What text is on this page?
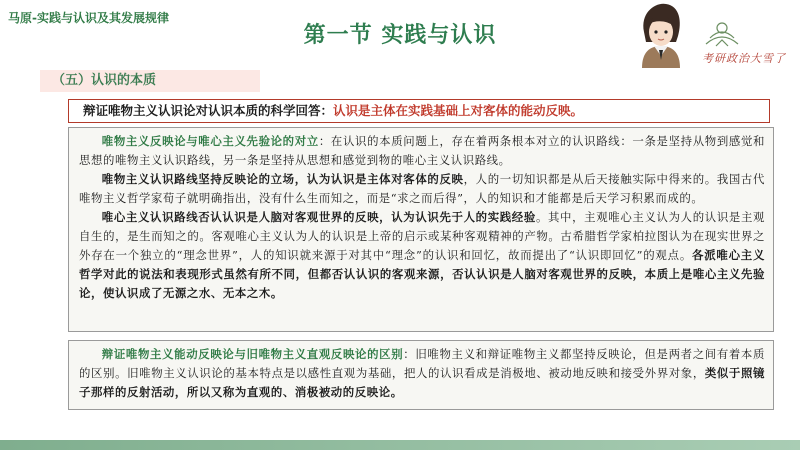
马原-实践与认识及其发展规律
第一节 实践与认识
考研政治大雪了
（五）认识的本质
辩证唯物主义认识论对认识本质的科学回答：认识是主体在实践基础上对客体的能动反映。

唯物主义反映论与唯心主义先验论的对立：在认识的本质问题上，存在着两条根本对立的认识路线：一条是坚持从物到感觉和思想的唯物主义认识路线，另一条是坚持从思想和感觉到物的唯心主义认识路线。

唯物主义认识路线坚持反映论的立场，认为认识是主体对客体的反映，人的一切知识都是从后天接触实际中得来的。我国古代唯物主义哲学家荀子就明确指出，没有什么生而知之，而是“求之而后得”，人的知识和才能都是后天学习积累而成的。

唯心主义认识路线否认认识是人脑对客观世界的反映，认为认识先于人的实践经验。其中，主观唯心主义认为人的认识是主观自生的，是生而知之的。客观唯心主义认为人的认识是上帝的启示或某种客观精神的产物。古希腊哲学家柏拉图认为在现实世界之外存在一个独立的“理念世界”，人的知识就来源于对其中“理念”的认识和回忆，故而提出了“认识即回忆”的观点。各派唯心主义哲学对此的说法和表现形式虽然有所不同，但都否认认识的客观来源，否认认识是人脑对客观世界的反映，本质上是唯心主义先验论，使认识成了无源之水、无本之木。

辩证唯物主义能动反映论与旧唯物主义直观反映论的区别：旧唯物主义和辩证唯物主义都坚持反映论，但是两者之间有着本质的区别。旧唯物主义认识论的基本特点是以感性直观为基础，把人的认识看成是消极地、被动地反映和接受外界对象，类似于照镜子那样的反射活动，所以又称为直观的、消极被动的反映论。
